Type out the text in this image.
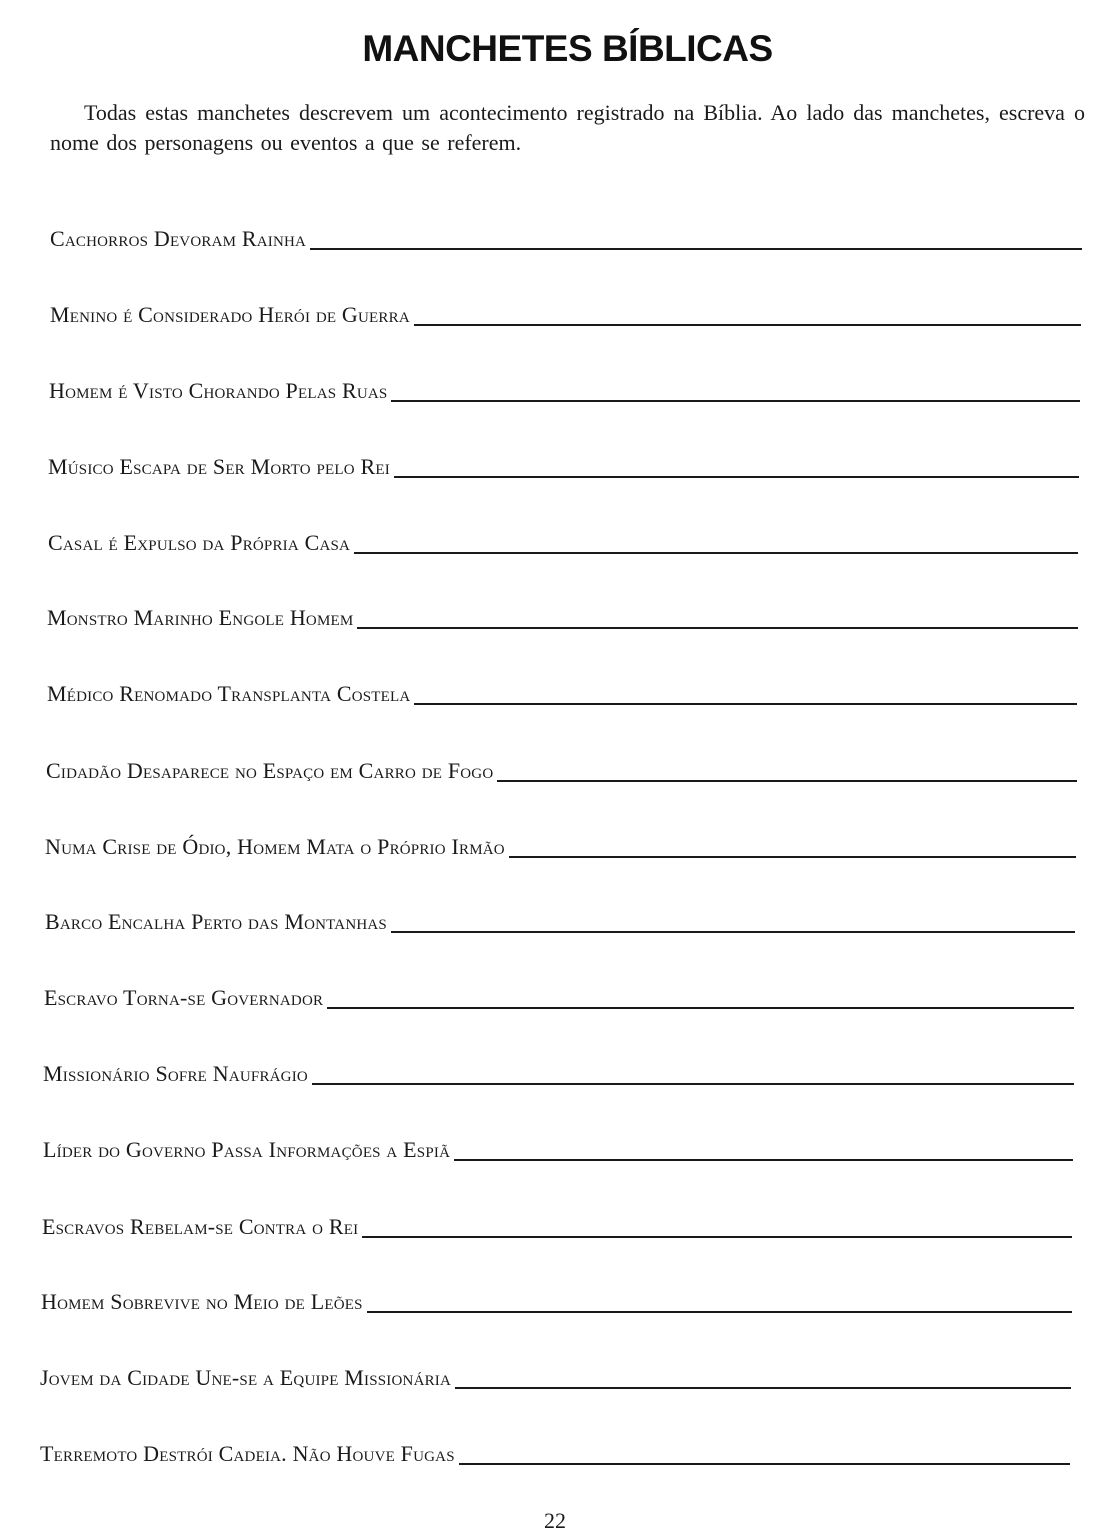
MANCHETES BÍBLICAS

Todas estas manchetes descrevem um acontecimento registrado na Bíblia. Ao lado das manchetes, escreva o nome dos personagens ou eventos a que se referem.

Cachorros Devoram Rainha
Menino é Considerado Herói de Guerra
Homem é Visto Chorando Pelas Ruas
Músico Escapa de Ser Morto pelo Rei
Casal é Expulso da Própria Casa
Monstro Marinho Engole Homem
Médico Renomado Transplanta Costela
Cidadão Desaparece no Espaço em Carro de Fogo
Numa Crise de Ódio, Homem Mata o Próprio Irmão
Barco Encalha Perto das Montanhas
Escravo Torna-se Governador
Missionário Sofre Naufrágio
Líder do Governo Passa Informações a Espiã
Escravos Rebelam-se Contra o Rei
Homem Sobrevive no Meio de Leões
Jovem da Cidade Une-se a Equipe Missionária
Terremoto Destrói Cadeia. Não Houve Fugas
22
